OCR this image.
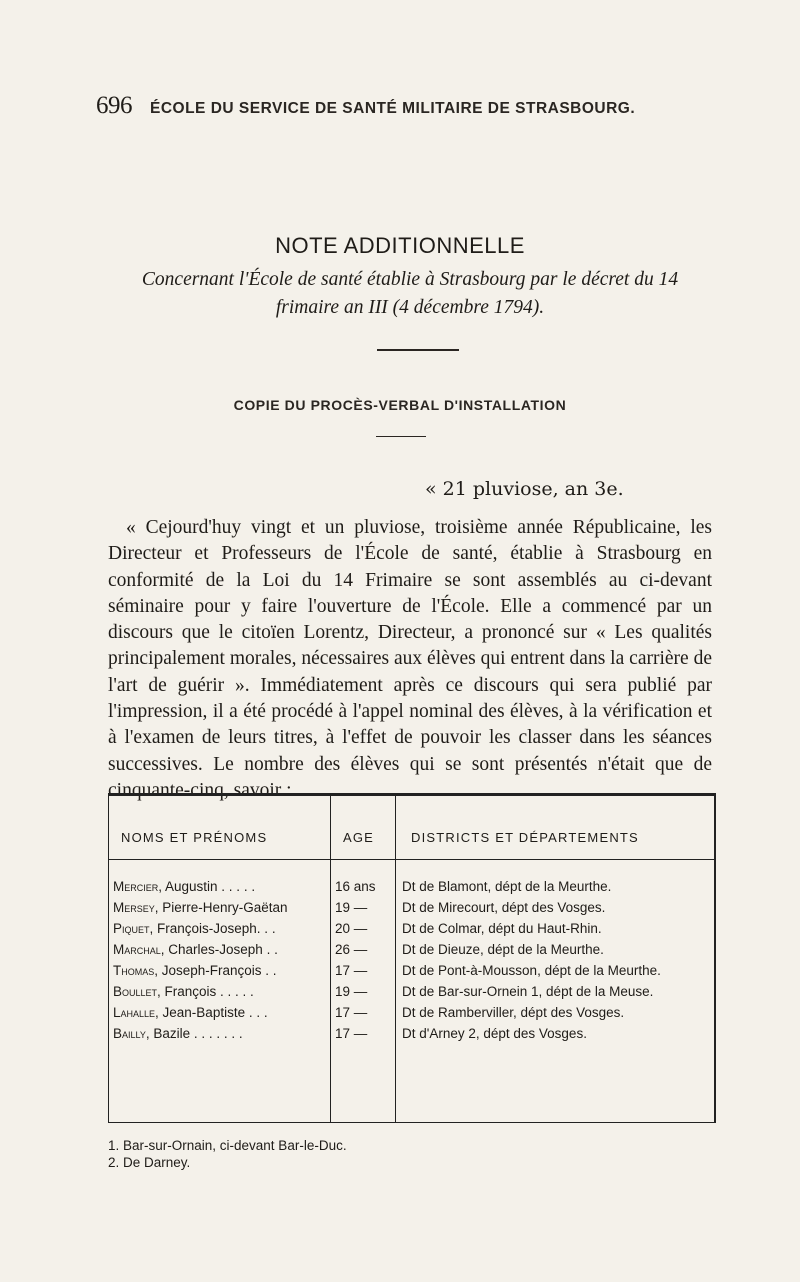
696 ÉCOLE DU SERVICE DE SANTÉ MILITAIRE DE STRASBOURG.
NOTE ADDITIONNELLE
Concernant l'École de santé établie à Strasbourg par le décret du 14 frimaire an III (4 décembre 1794).
COPIE DU PROCÈS-VERBAL D'INSTALLATION
« 21 pluviose, an 3e.
« Cejourd'huy vingt et un pluviose, troisième année Républicaine, les Directeur et Professeurs de l'École de santé, établie à Strasbourg en conformité de la Loi du 14 Frimaire se sont assemblés au ci-devant séminaire pour y faire l'ouverture de l'École. Elle a commencé par un discours que le citoïen Lorentz, Directeur, a prononcé sur « Les qualités principalement morales, nécessaires aux élèves qui entrent dans la carrière de l'art de guérir ». Immédiatement après ce discours qui sera publié par l'impression, il a été procédé à l'appel nominal des élèves, à la vérification et à l'examen de leurs titres, à l'effet de pouvoir les classer dans les séances successives. Le nombre des élèves qui se sont présentés n'était que de cinquante-cinq, savoir :
NOMS ET PRÉNOMS	AGE	DISTRICTS ET DÉPARTEMENTS
Mercier, Augustin . . . . .	16 ans	Dt de Blamont, dépt de la Meurthe.
Mersey, Pierre-Henry-Gaëtan	19 —	Dt de Mirecourt, dépt des Vosges.
Piquet, François-Joseph. . .	20 —	Dt de Colmar, dépt du Haut-Rhin.
Marchal, Charles-Joseph . .	26 —	Dt de Dieuze, dépt de la Meurthe.
Thomas, Joseph-François . .	17 —	Dt de Pont-à-Mousson, dépt de la Meurthe.
Boullet, François . . . . .	19 —	Dt de Bar-sur-Ornein 1, dépt de la Meuse.
Lahalle, Jean-Baptiste . . .	17 —	Dt de Ramberviller, dépt des Vosges.
Bailly, Bazile . . . . . . .	17 —	Dt d'Arney 2, dépt des Vosges.
1. Bar-sur-Ornain, ci-devant Bar-le-Duc.
2. De Darney.
